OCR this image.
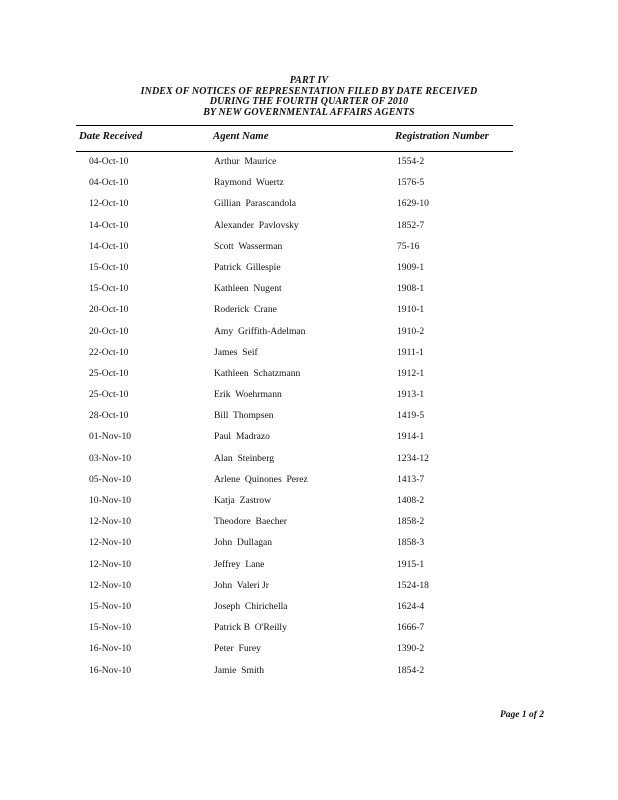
PART IV
INDEX OF NOTICES OF REPRESENTATION FILED BY DATE RECEIVED
DURING THE FOURTH QUARTER OF 2010
BY NEW GOVERNMENTAL AFFAIRS AGENTS
Date Received	Agent Name	Registration Number
04-Oct-10	Arthur  Maurice	1554-2
04-Oct-10	Raymond  Wuertz	1576-5
12-Oct-10	Gillian  Parascandola	1629-10
14-Oct-10	Alexander  Pavlovsky	1852-7
14-Oct-10	Scott  Wasserman	75-16
15-Oct-10	Patrick  Gillespie	1909-1
15-Oct-10	Kathleen  Nugent	1908-1
20-Oct-10	Roderick  Crane	1910-1
20-Oct-10	Amy  Griffith-Adelman	1910-2
22-Oct-10	James  Seif	1911-1
25-Oct-10	Kathleen  Schatzmann	1912-1
25-Oct-10	Erik  Woehrmann	1913-1
28-Oct-10	Bill  Thompsen	1419-5
01-Nov-10	Paul  Madrazo	1914-1
03-Nov-10	Alan  Steinberg	1234-12
05-Nov-10	Arlene  Quinones  Perez	1413-7
10-Nov-10	Katja  Zastrow	1408-2
12-Nov-10	Theodore  Baecher	1858-2
12-Nov-10	John  Dullagan	1858-3
12-Nov-10	Jeffrey  Lane	1915-1
12-Nov-10	John  Valeri Jr	1524-18
15-Nov-10	Joseph  Chirichella	1624-4
15-Nov-10	Patrick B  O'Reilly	1666-7
16-Nov-10	Peter  Furey	1390-2
16-Nov-10	Jamie  Smith	1854-2
Page 1 of 2
